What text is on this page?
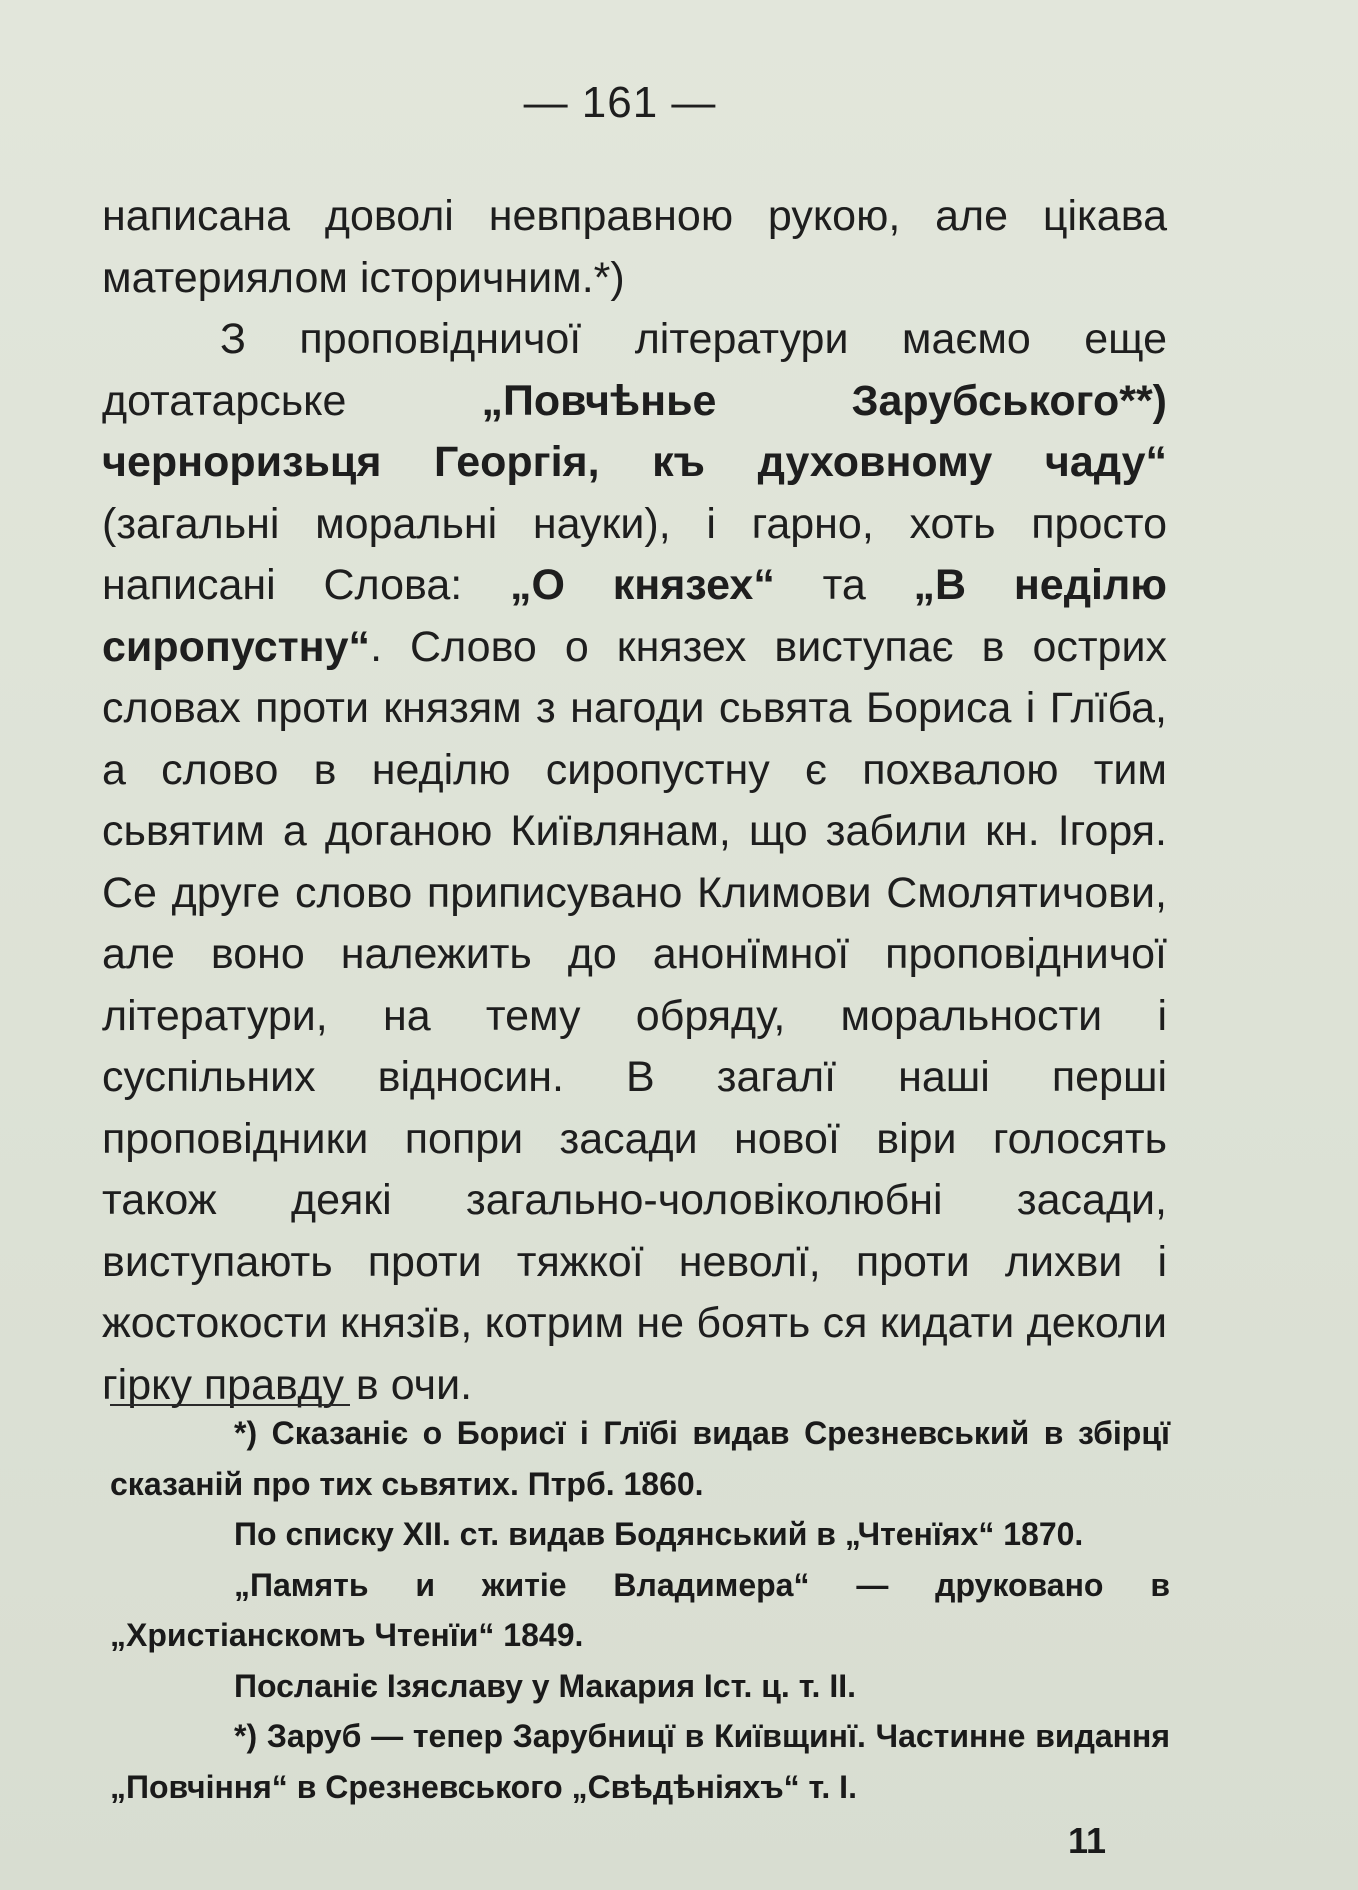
— 161 —

написана доволі невправною рукою, але цікава материялом історичним.*)

З проповідничої літератури маємо еще дотатарське „Повчѣнье Зарубського**) черноризьця Георгія, къ духовному чаду“ (загальні моральні науки), і гарно, хоть просто написані Слова: „О князех“ та „В неділю сиропустну“. Слово о князех виступає в острих словах проти князям з нагоди сьвята Бориса і Глїба, а слово в неділю сиропустну є похвалою тим сьвятим а доганою Київлянам, що забили кн. Ігоря. Се друге слово приписувано Климови Смолятичови, але воно належить до анонїмної проповідничої літератури, на тему обряду, моральности і суспільних відносин. В загалї наші перші проповідники попри засади нової віри голосять також деякі загально-чоловіколюбні засади, виступають проти тяжкої неволї, проти лихви і жостокости князїв, котрим не боять ся кидати деколи гірку правду в очи.

*) Сказаніє о Борисї і Глїбі видав Срезневський в збірцї сказаній про тих сьвятих. Птрб. 1860.

По списку XII. ст. видав Бодянський в „Чтенїях“ 1870.

„Память и житіе Владимера“ — друковано в „Христіанскомъ Чтенїи“ 1849.

Посланіє Ізяславу у Макария Іст. ц. т. II.

*) Заруб — тепер Зарубницї в Київщинї. Частинне видання „Повчіння“ в Срезневського „Свѣдѣніяхъ“ т. І.

11
